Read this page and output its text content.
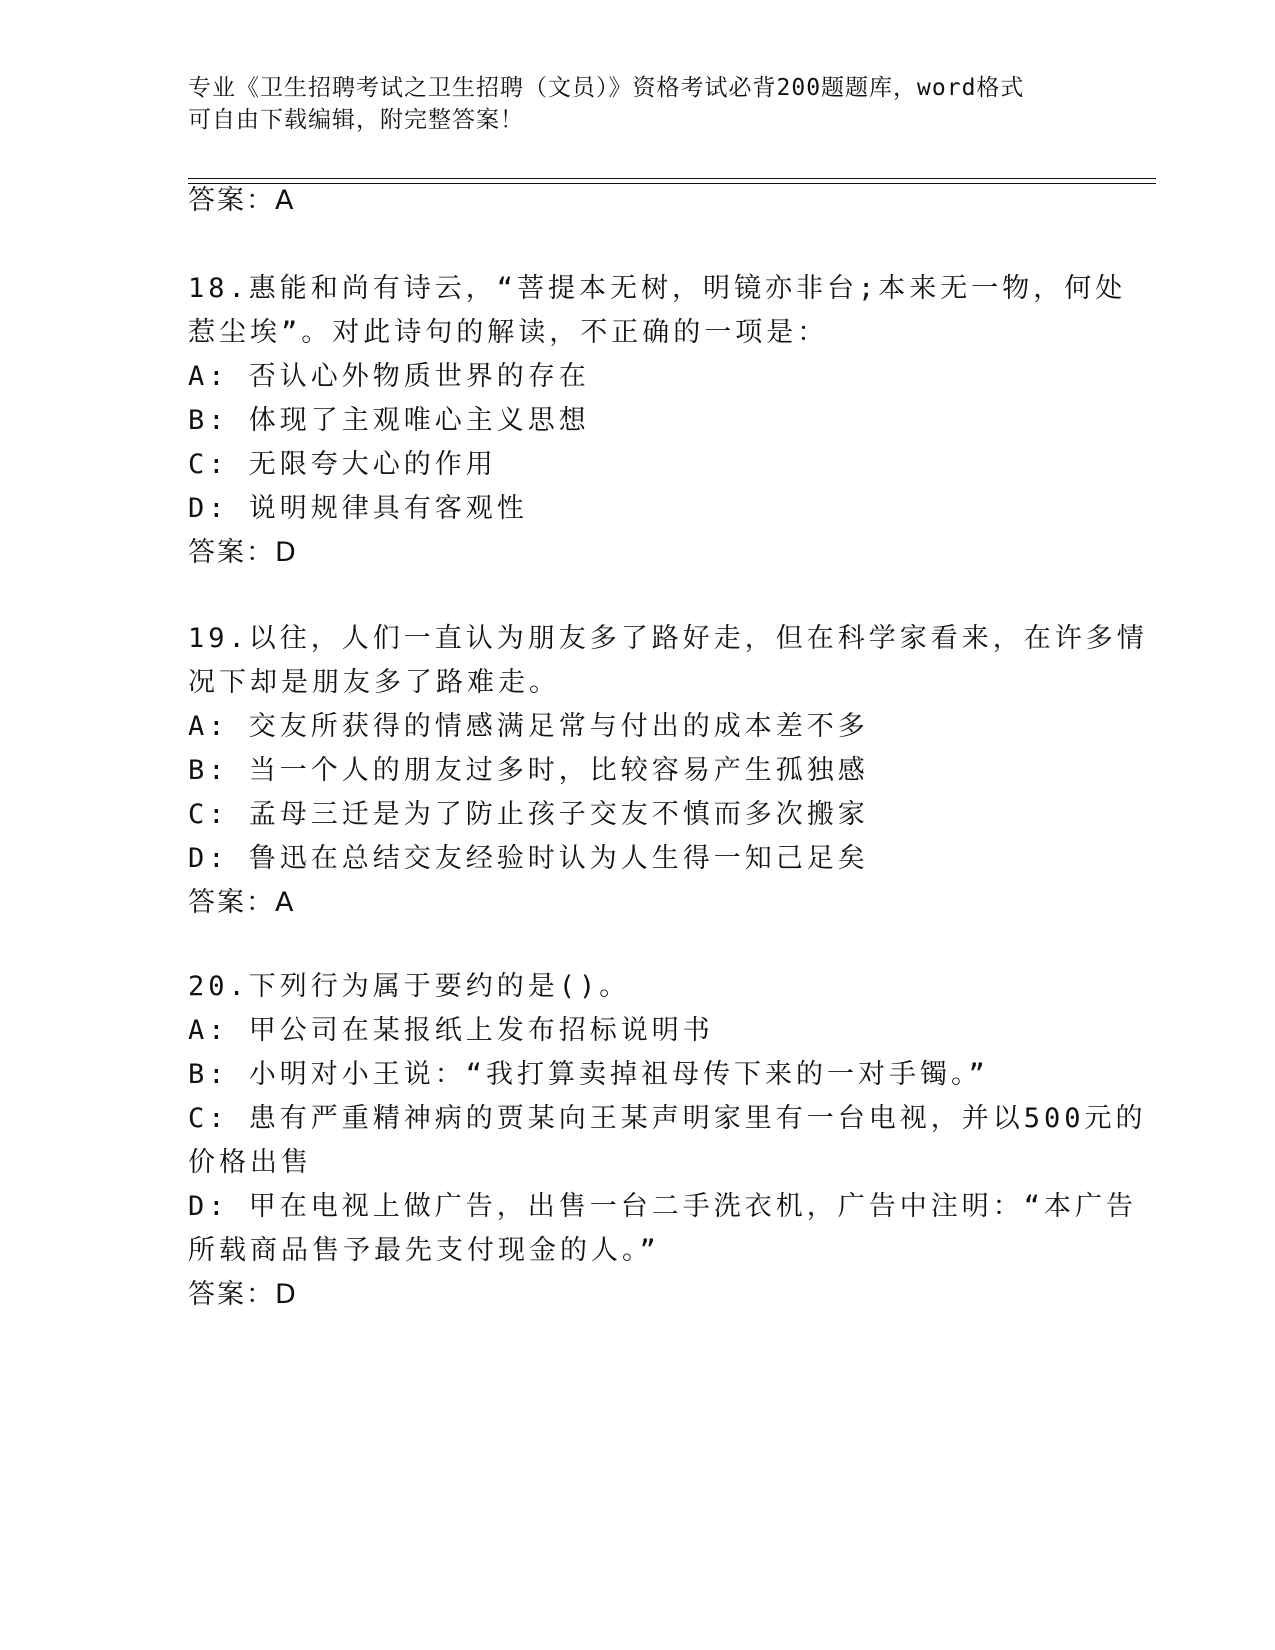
专业《卫生招聘考试之卫生招聘（文员）》资格考试必背200题题库，word格式
可自由下载编辑，附完整答案！
答案：A
18.惠能和尚有诗云，“菩提本无树，明镜亦非台;本来无一物，何处
惹尘埃”。对此诗句的解读，不正确的一项是：
A: 否认心外物质世界的存在
B: 体现了主观唯心主义思想
C: 无限夸大心的作用
D: 说明规律具有客观性
答案：D
19.以往，人们一直认为朋友多了路好走，但在科学家看来，在许多情
况下却是朋友多了路难走。
A: 交友所获得的情感满足常与付出的成本差不多
B: 当一个人的朋友过多时，比较容易产生孤独感
C: 孟母三迁是为了防止孩子交友不慎而多次搬家
D: 鲁迅在总结交友经验时认为人生得一知己足矣
答案：A
20.下列行为属于要约的是()。
A: 甲公司在某报纸上发布招标说明书
B: 小明对小王说：“我打算卖掉祖母传下来的一对手镯。”
C: 患有严重精神病的贾某向王某声明家里有一台电视，并以500元的
价格出售
D: 甲在电视上做广告，出售一台二手洗衣机，广告中注明：“本广告
所载商品售予最先支付现金的人。”
答案：D
